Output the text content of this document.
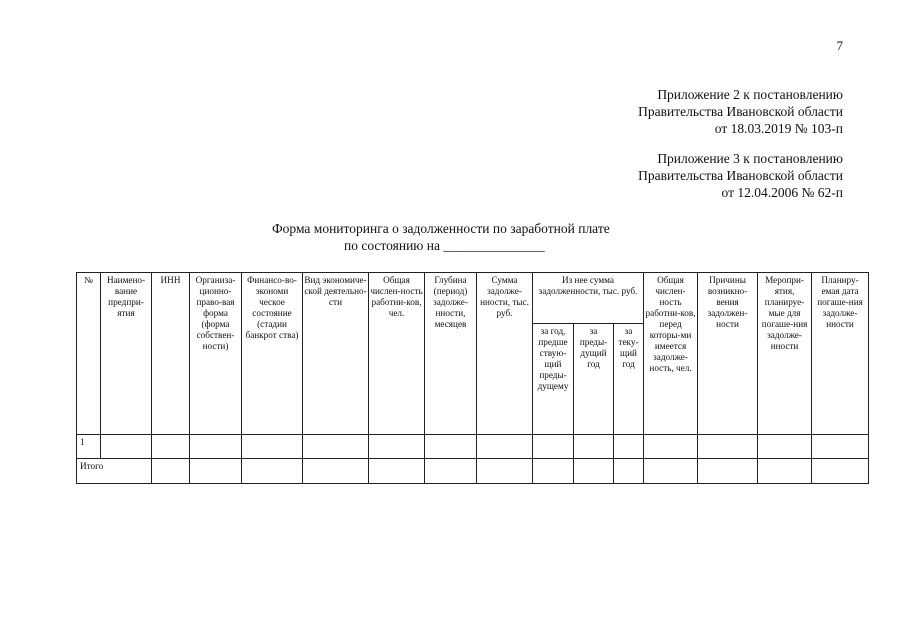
7
Приложение 2 к постановлению
Правительства Ивановской области
от 18.03.2019 № 103-п
Приложение 3 к постановлению
Правительства Ивановской области
от 12.04.2006 № 62-п
Форма мониторинга о задолженности по заработной плате
по состоянию на _______________
№	Наимено-вание предпри-ятия	ИНН	Организа-ционно-право-вая форма (форма собствен-ности)	Финансо-во-экономи ческое состояние (стадии банкрот ства)	Вид экономиче-ской деятельно-сти	Общая числен-ность работни-ков, чел.	Глубина (период) задолже-нности, месяцев	Сумма задолже-нности, тыс. руб.	Из нее сумма задолженности, тыс. руб.			Общая числен-ность работни-ков, перед которы-ми имеется задолже-ность, чел.	Причины возникно-вения задолжен-ности	Меропри-ятия, планируе-мые для погаше-ния задолже-нности	Планиру-емая дата погаше-ния задолже-нности
									за год, предше ствую-щий преды-дущему	за преды-дущий год	за теку-щий год				
1															
Итого															
